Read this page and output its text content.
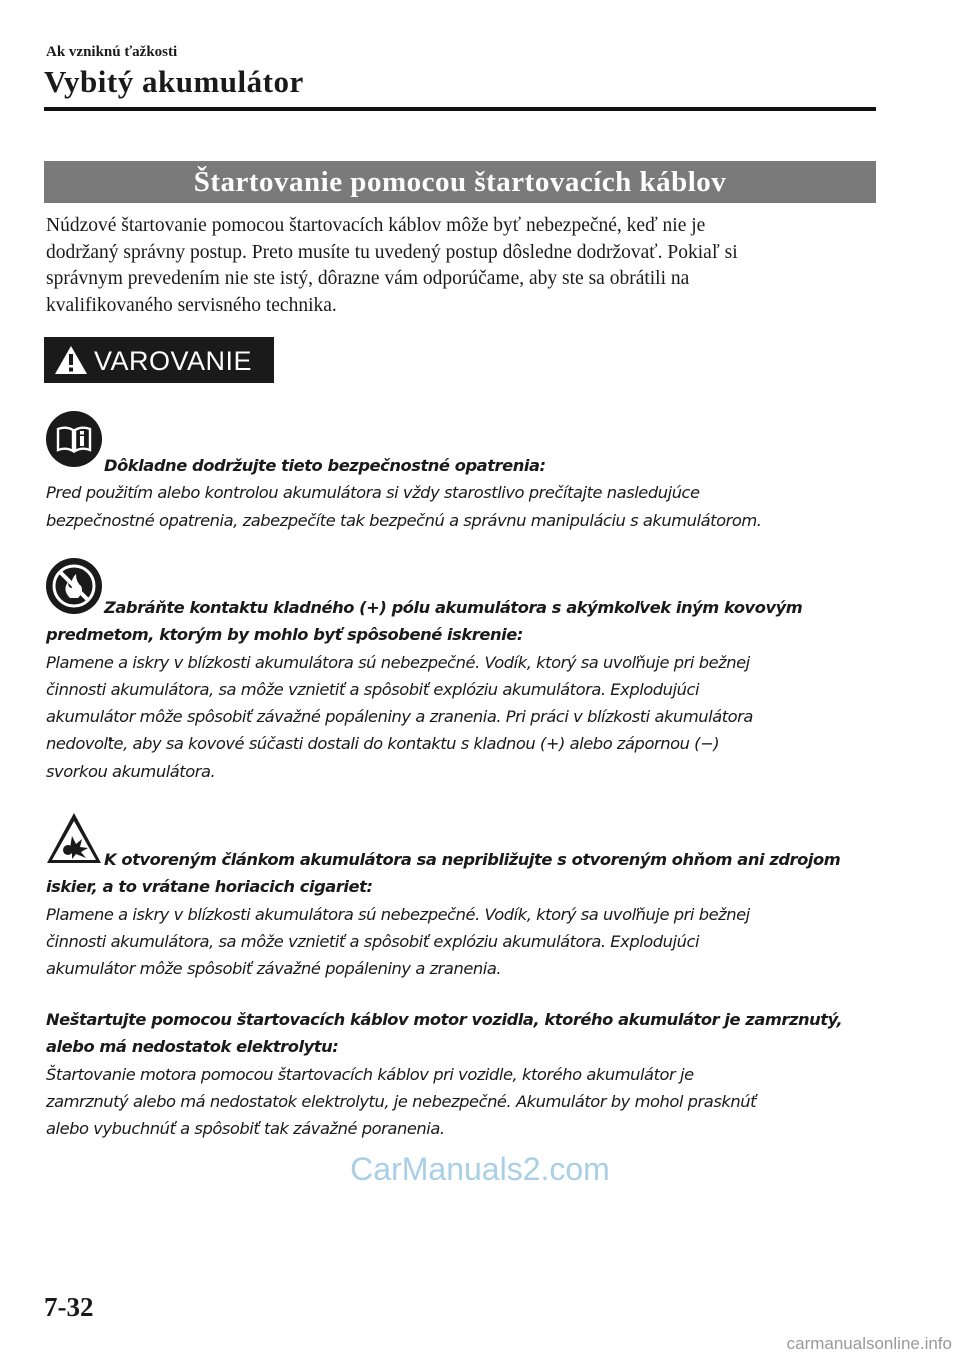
Ak vzniknú ťažkosti
Vybitý akumulátor
Štartovanie pomocou štartovacích káblov

Núdzové štartovanie pomocou štartovacích káblov môže byť nebezpečné, keď nie je
dodržaný správny postup. Preto musíte tu uvedený postup dôsledne dodržovať. Pokiaľ si
správnym prevedením nie ste istý, dôrazne vám odporúčame, aby ste sa obrátili na
kvalifikovaného servisného technika.

VAROVANIE

Dôkladne dodržujte tieto bezpečnostné opatrenia:

Pred použitím alebo kontrolou akumulátora si vždy starostlivo prečítajte nasledujúce

bezpečnostné opatrenia, zabezpečíte tak bezpečnú a správnu manipuláciu s akumulátorom.

Zabráňte kontaktu kladného (+) pólu akumulátora s akýmkoľvek iným kovovým

predmetom, ktorým by mohlo byť spôsobené iskrenie:

Plamene a iskry v blízkosti akumulátora sú nebezpečné. Vodík, ktorý sa uvoľňuje pri bežnej

činnosti akumulátora, sa môže vznietiť a spôsobiť explóziu akumulátora. Explodujúci

akumulátor môže spôsobiť závažné popáleniny a zranenia. Pri práci v blízkosti akumulátora

nedovoľte, aby sa kovové súčasti dostali do kontaktu s kladnou (+) alebo zápornou (−)

svorkou akumulátora.

K otvoreným článkom akumulátora sa nepribližujte s otvoreným ohňom ani zdrojom

iskier, a to vrátane horiacich cigariet:

Plamene a iskry v blízkosti akumulátora sú nebezpečné. Vodík, ktorý sa uvoľňuje pri bežnej

činnosti akumulátora, sa môže vznietiť a spôsobiť explóziu akumulátora. Explodujúci

akumulátor môže spôsobiť závažné popáleniny a zranenia.

Neštartujte pomocou štartovacích káblov motor vozidla, ktorého akumulátor je zamrznutý,

alebo má nedostatok elektrolytu:

Štartovanie motora pomocou štartovacích káblov pri vozidle, ktorého akumulátor je

zamrznutý alebo má nedostatok elektrolytu, je nebezpečné. Akumulátor by mohol prasknúť

alebo vybuchnúť a spôsobiť tak závažné poranenia.

CarManuals2.com
7-32
carmanualsonline.info
